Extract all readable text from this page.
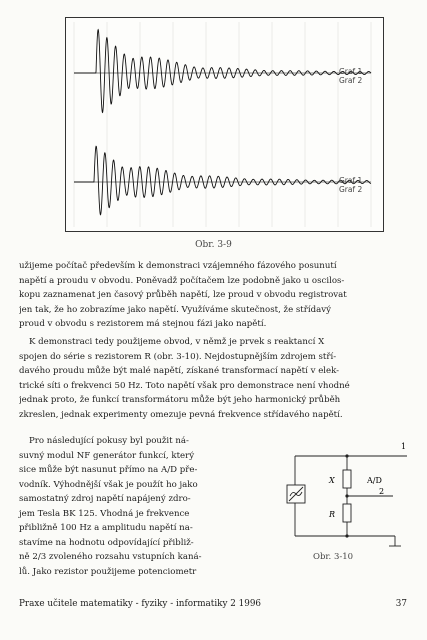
Graf 1
Graf 2
Graf 1
Graf 2
Obr. 3-9
užijeme počítač především k demonstraci vzájemného fázového posunutí
napětí a proudu v obvodu. Poněvadž počítačem lze podobně jako u oscilos-
kopu zaznamenat jen časový průběh napětí, lze proud v obvodu registrovat
jen tak, že ho zobrazíme jako napětí. Využíváme skutečnost, že střídavý
proud v obvodu s rezistorem má stejnou fázi jako napětí.
K demonstraci tedy použijeme obvod, v němž je prvek s reaktancí X
spojen do série s rezistorem R (obr. 3-10). Nejdostupnějším zdrojem stří-
davého proudu může být malé napětí, získané transformací napětí v elek-
trické síti o frekvenci 50 Hz. Toto napětí však pro demonstrace není vhodné
jednak proto, že funkcí transformátoru může být jeho harmonický průběh
zkreslen, jednak experimenty omezuje pevná frekvence střídavého napětí.
Pro následující pokusy byl použit ná-
suvný modul NF generátor funkcí, který
sice může být nasunut přímo na A/D pře-
vodník. Výhodnější však je použít ho jako
samostatný zdroj napětí napájený zdro-
jem Tesla BK 125. Vhodná je frekvence
přibližně 100 Hz a amplitudu napětí na-
stavíme na hodnotu odpovídající přibliž-
ně 2/3 zvoleného rozsahu vstupních kaná-
lů. Jako rezistor použijeme potenciometr
1
X	A/D
2
R
Obr. 3-10
Praxe učitele matematiky - fyziky - informatiky 2 1996	37
